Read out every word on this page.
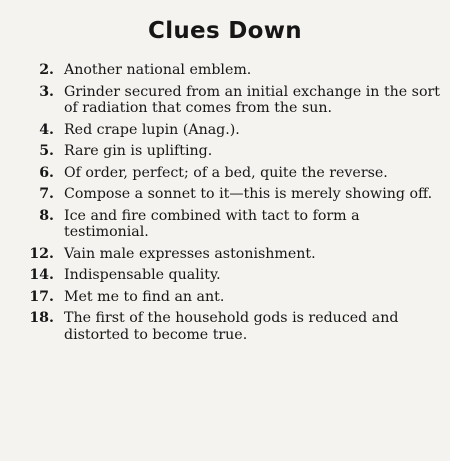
Clues Down
2. Another national emblem.
3. Grinder secured from an initial exchange in the sort of radiation that comes from the sun.
4. Red crape lupin (Anag.).
5. Rare gin is uplifting.
6. Of order, perfect; of a bed, quite the reverse.
7. Compose a sonnet to it—this is merely showing off.
8. Ice and fire combined with tact to form a testimonial.
12. Vain male expresses astonishment.
14. Indispensable quality.
17. Met me to find an ant.
18. The first of the household gods is reduced and distorted to become true.
